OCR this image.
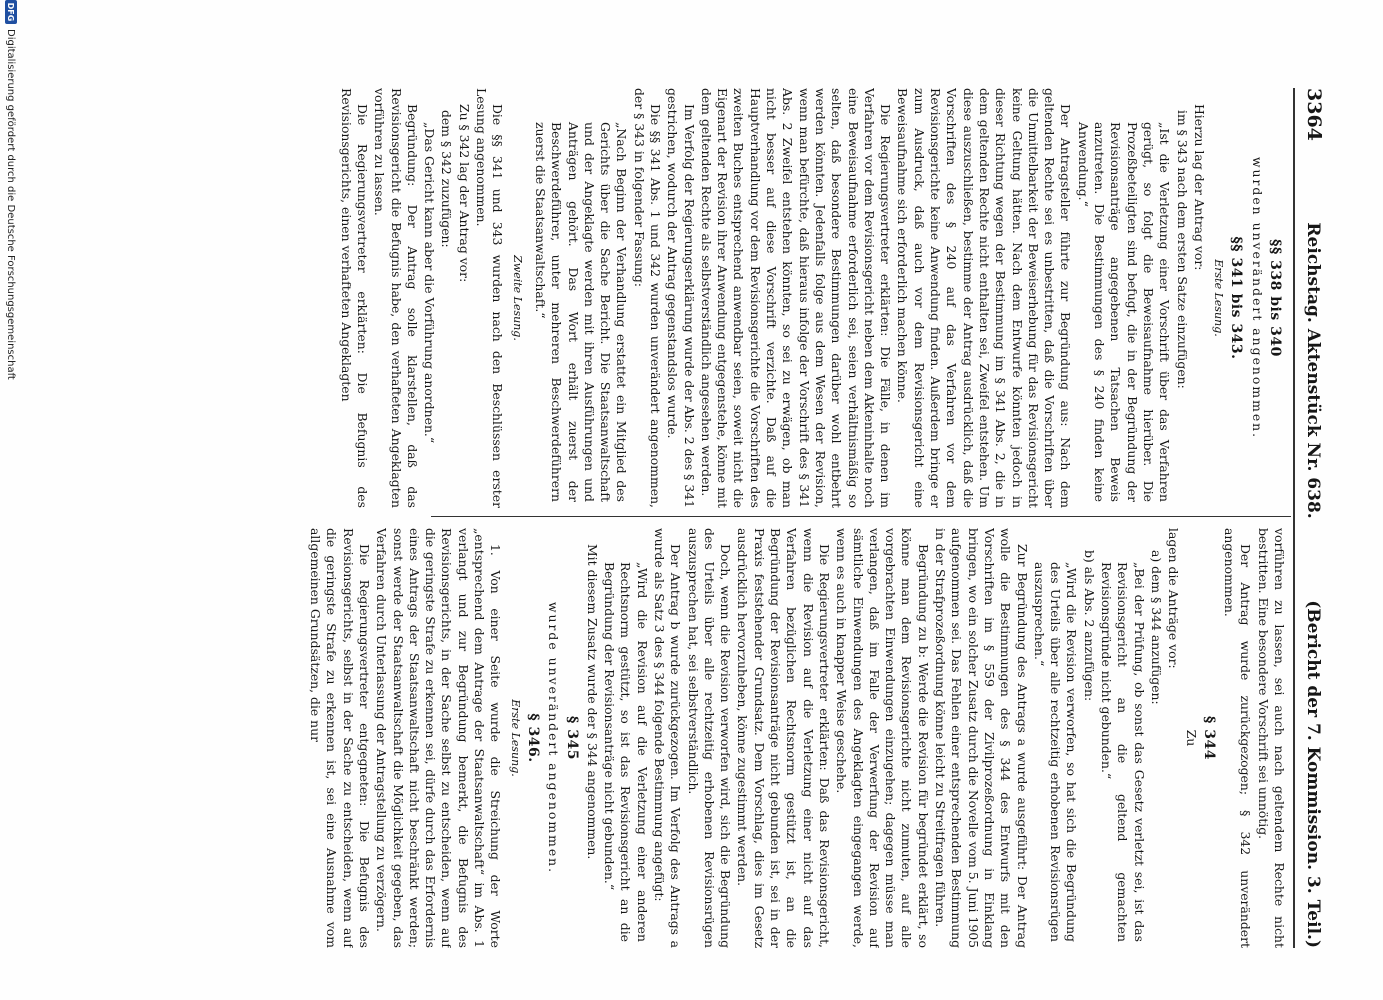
3364
Reichstag. Aktenstück Nr. 638.
(Bericht der 7. Kommission. 3. Teil.)
§§ 338 bis 340

wurden unverändert angenommen.

§§ 341 bis 343.
Erste Lesung.

Hierzu lag der Antrag vor:

im § 343 nach dem ersten Satze einzufügen:

„Ist die Verletzung einer Vorschrift über das Verfahren gerügt, so folgt die Beweisaufnahme hierüber. Die Prozeßbeteiligten sind befugt, die in der Begründung der Revisionsanträge angegebenen Tatsachen Beweis anzutreten. Die Bestimmungen des § 240 finden keine Anwendung.“

Der Antragsteller führte zur Begründung aus: Nach dem geltenden Rechte sei es unbestritten, daß die Vorschriften über die Unmittelbarkeit der Beweiserhebung für das Revisionsgericht keine Geltung hätten. Nach dem Entwurfe könnten jedoch in dieser Richtung wegen der Bestimmung im § 341 Abs. 2, die in dem geltenden Rechte nicht enthalten sei, Zweifel entstehen. Um diese auszuschließen, bestimme der Antrag ausdrücklich, daß die Vorschriften des § 240 auf das Verfahren vor dem Revisionsgerichte keine Anwendung finden. Außerdem bringe er zum Ausdruck, daß auch vor dem Revisionsgericht eine Beweisaufnahme sich erforderlich machen könne.

Die Regierungsvertreter erklärten: Die Fälle, in denen im Verfahren vor dem Revisionsgericht neben dem Akteninhalte noch eine Beweisaufnahme erforderlich sei, seien verhältnismäßig so selten, daß besondere Bestimmungen darüber wohl entbehrt werden könnten. Jedenfalls folge aus dem Wesen der Revision, wenn man befürchte, daß hieraus infolge der Vorschrift des § 341 Abs. 2 Zweifel entstehen könnten, so sei zu erwägen, ob man nicht besser auf diese Vorschrift verzichte. Daß auf die Hauptverhandlung vor dem Revisionsgerichte die Vorschriften des zweiten Buches entsprechend anwendbar seien, soweit nicht die Eigenart der Revision ihrer Anwendung entgegenstehe, könne mit dem geltenden Rechte als selbstverständlich angesehen werden.

Im Verfolg der Regierungserklärung wurde der Abs. 2 des § 341 gestrichen, wodurch der Antrag gegenstandslos wurde.

Die §§ 341 Abs. 1 und 342 wurden unverändert angenommen, der § 343 in folgender Fassung:

„Nach Beginn der Verhandlung erstattet ein Mitglied des Gerichts über die Sache Bericht. Die Staatsanwaltschaft und der Angeklagte werden mit ihren Ausführungen und Anträgen gehört. Das Wort erhält zuerst der Beschwerdeführer, unter mehreren Beschwerdeführern zuerst die Staatsanwaltschaft.“

Zweite Lesung.

Die §§ 341 und 343 wurden nach den Beschlüssen erster Lesung angenommen.

Zu § 342 lag der Antrag vor:

dem § 342 zuzufügen:

„Das Gericht kann aber die Vorführung anordnen.“

Begründung: Der Antrag solle klarstellen, daß das Revisionsgericht die Befugnis habe, den verhafteten Angeklagten vorführen zu lassen.

Die Regierungsvertreter erklärten: Die Befugnis des Revisionsgerichts, einen verhafteten Angeklagten

vorführen zu lassen, sei auch nach geltendem Rechte nicht bestritten. Eine besondere Vorschrift sei unnötig.

Der Antrag wurde zurückgezogen; § 342 unverändert angenommen.

§ 344

Zu

lagen die Anträge vor:

a) dem § 344 anzufügen:

„Bei der Prüfung, ob sonst das Gesetz verletzt sei, ist das Revisionsgericht an die geltend gemachten Revisionsgründe nicht gebunden.“

b) als Abs. 2 anzufügen:

„Wird die Revision verworfen, so hat sich die Begründung des Urteils über alle rechtzeitig erhobenen Revisionsrügen auszusprechen.“

Zur Begründung des Antrags a wurde ausgeführt: Der Antrag wolle die Bestimmungen des § 344 des Entwurfs mit den Vorschriften im § 559 der Zivilprozeßordnung in Einklang bringen, wo ein solcher Zusatz durch die Novelle vom 5. Juni 1905 aufgenommen sei. Das Fehlen einer entsprechenden Bestimmung in der Strafprozeßordnung könne leicht zu Streitfragen führen.

Begründung zu b: Werde die Revision für begründet erklärt, so könne man dem Revisionsgerichte nicht zumuten, auf alle vorgebrachten Einwendungen einzugehen; dagegen müsse man verlangen, daß im Falle der Verwerfung der Revision auf sämtliche Einwendungen des Angeklagten eingegangen werde, wenn es auch in knapper Weise geschehe.

Die Regierungsvertreter erklärten: Daß das Revisionsgericht, wenn die Revision auf die Verletzung einer nicht auf das Verfahren bezüglichen Rechtsnorm gestützt ist, an die Begründung der Revisionsanträge nicht gebunden ist, sei in der Praxis feststehender Grundsatz. Dem Vorschlag, dies im Gesetz ausdrücklich hervorzuheben, könne zugestimmt werden.

Doch, wenn die Revision verworfen wird, sich die Begründung des Urteils über alle rechtzeitig erhobenen Revisionsrügen auszusprechen hat, sei selbstverständlich.

Der Antrag b wurde zurückgezogen. Im Verfolg des Antrags a wurde als Satz 3 des § 344 folgende Bestimmung angefügt:

„Wird die Revision auf die Verletzung einer anderen Rechtsnorm gestützt, so ist das Revisionsgericht an die Begründung der Revisionsanträge nicht gebunden.“

Mit diesem Zusatz wurde der § 344 angenommen.

§ 345

wurde unverändert angenommen.

§ 346.
Erste Lesung.

1. Von einer Seite wurde die Streichung der Worte „entsprechend dem Antrage der Staatsanwaltschaft“ im Abs. 1 verlangt und zur Begründung bemerkt, die Befugnis des Revisionsgerichts, in der Sache selbst zu entscheiden, wenn auf die geringste Strafe zu erkennen sei, dürfe durch das Erfordernis eines Antrags der Staatsanwaltschaft nicht beschränkt werden; sonst werde der Staatsanwaltschaft die Möglichkeit gegeben, das Verfahren durch Unterlassung der Antragstellung zu verzögern.

Die Regierungsvertreter entgegneten: Die Befugnis des Revisionsgerichts, selbst in der Sache zu entscheiden, wenn auf die geringste Strafe zu erkennen ist, sei eine Ausnahme vom allgemeinen Grundsätzen, die nur

DFG
Digitalisierung gefördert durch die Deutsche Forschungsgemeinschaft
